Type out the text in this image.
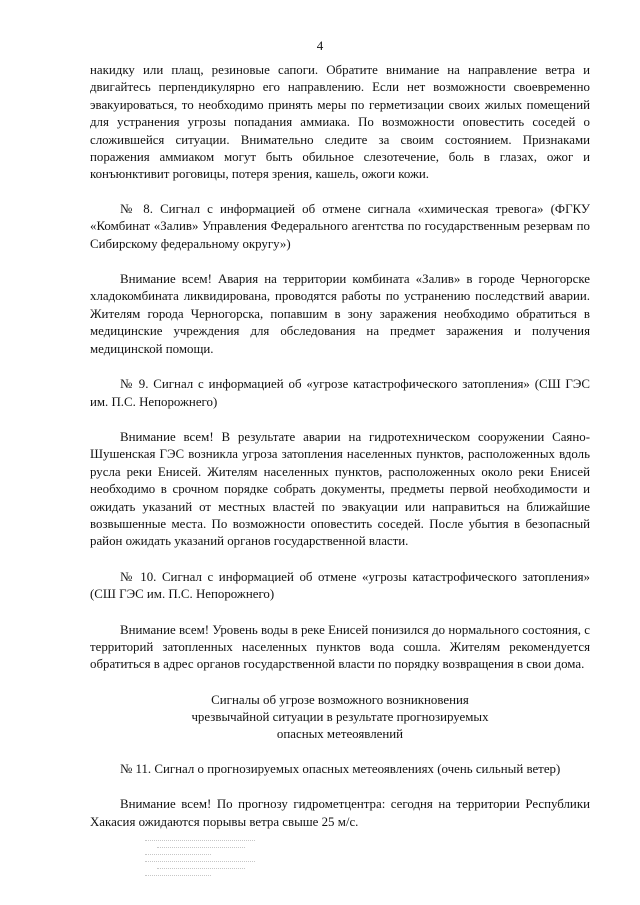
4

накидку или плащ, резиновые сапоги. Обратите внимание на направление ветра и двигайтесь перпендикулярно его направлению. Если нет возможности своевременно эвакуироваться, то необходимо принять меры по герметизации своих жилых помещений для устранения угрозы попадания аммиака. По возможности оповестить соседей о сложившейся ситуации. Внимательно следите за своим состоянием. Признаками поражения аммиаком могут быть обильное слезотечение, боль в глазах, ожог и конъюнктивит роговицы, потеря зрения, кашель, ожоги кожи.

№ 8. Сигнал с информацией об отмене сигнала «химическая тревога» (ФГКУ «Комбинат «Залив» Управления Федерального агентства по государственным резервам по Сибирскому федеральному округу»)

Внимание всем! Авария на территории комбината «Залив» в городе Черногорске хладокомбината ликвидирована, проводятся работы по устранению последствий аварии. Жителям города Черногорска, попавшим в зону заражения необходимо обратиться в медицинские учреждения для обследования на предмет заражения и получения медицинской помощи.

№ 9. Сигнал с информацией об «угрозе катастрофического затопления» (СШ ГЭС им. П.С. Непорожнего)

Внимание всем! В результате аварии на гидротехническом сооружении Саяно-Шушенская ГЭС возникла угроза затопления населенных пунктов, расположенных вдоль русла реки Енисей. Жителям населенных пунктов, расположенных около реки Енисей необходимо в срочном порядке собрать документы, предметы первой необходимости и ожидать указаний от местных властей по эвакуации или направиться на ближайшие возвышенные места. По возможности оповестить соседей. После убытия в безопасный район ожидать указаний органов государственной власти.

№ 10. Сигнал с информацией об отмене «угрозы катастрофического затопления» (СШ ГЭС им. П.С. Непорожнего)

Внимание всем! Уровень воды в реке Енисей понизился до нормального состояния, с территорий затопленных населенных пунктов вода сошла. Жителям рекомендуется обратиться в адрес органов государственной власти по порядку возвращения в свои дома.

Сигналы об угрозе возможного возникновения
чрезвычайной ситуации в результате прогнозируемых
опасных метеоявлений

№ 11. Сигнал о прогнозируемых опасных метеоявлениях (очень сильный ветер)

Внимание всем! По прогнозу гидрометцентра: сегодня на территории Республики Хакасия ожидаются порывы ветра свыше 25 м/с.
